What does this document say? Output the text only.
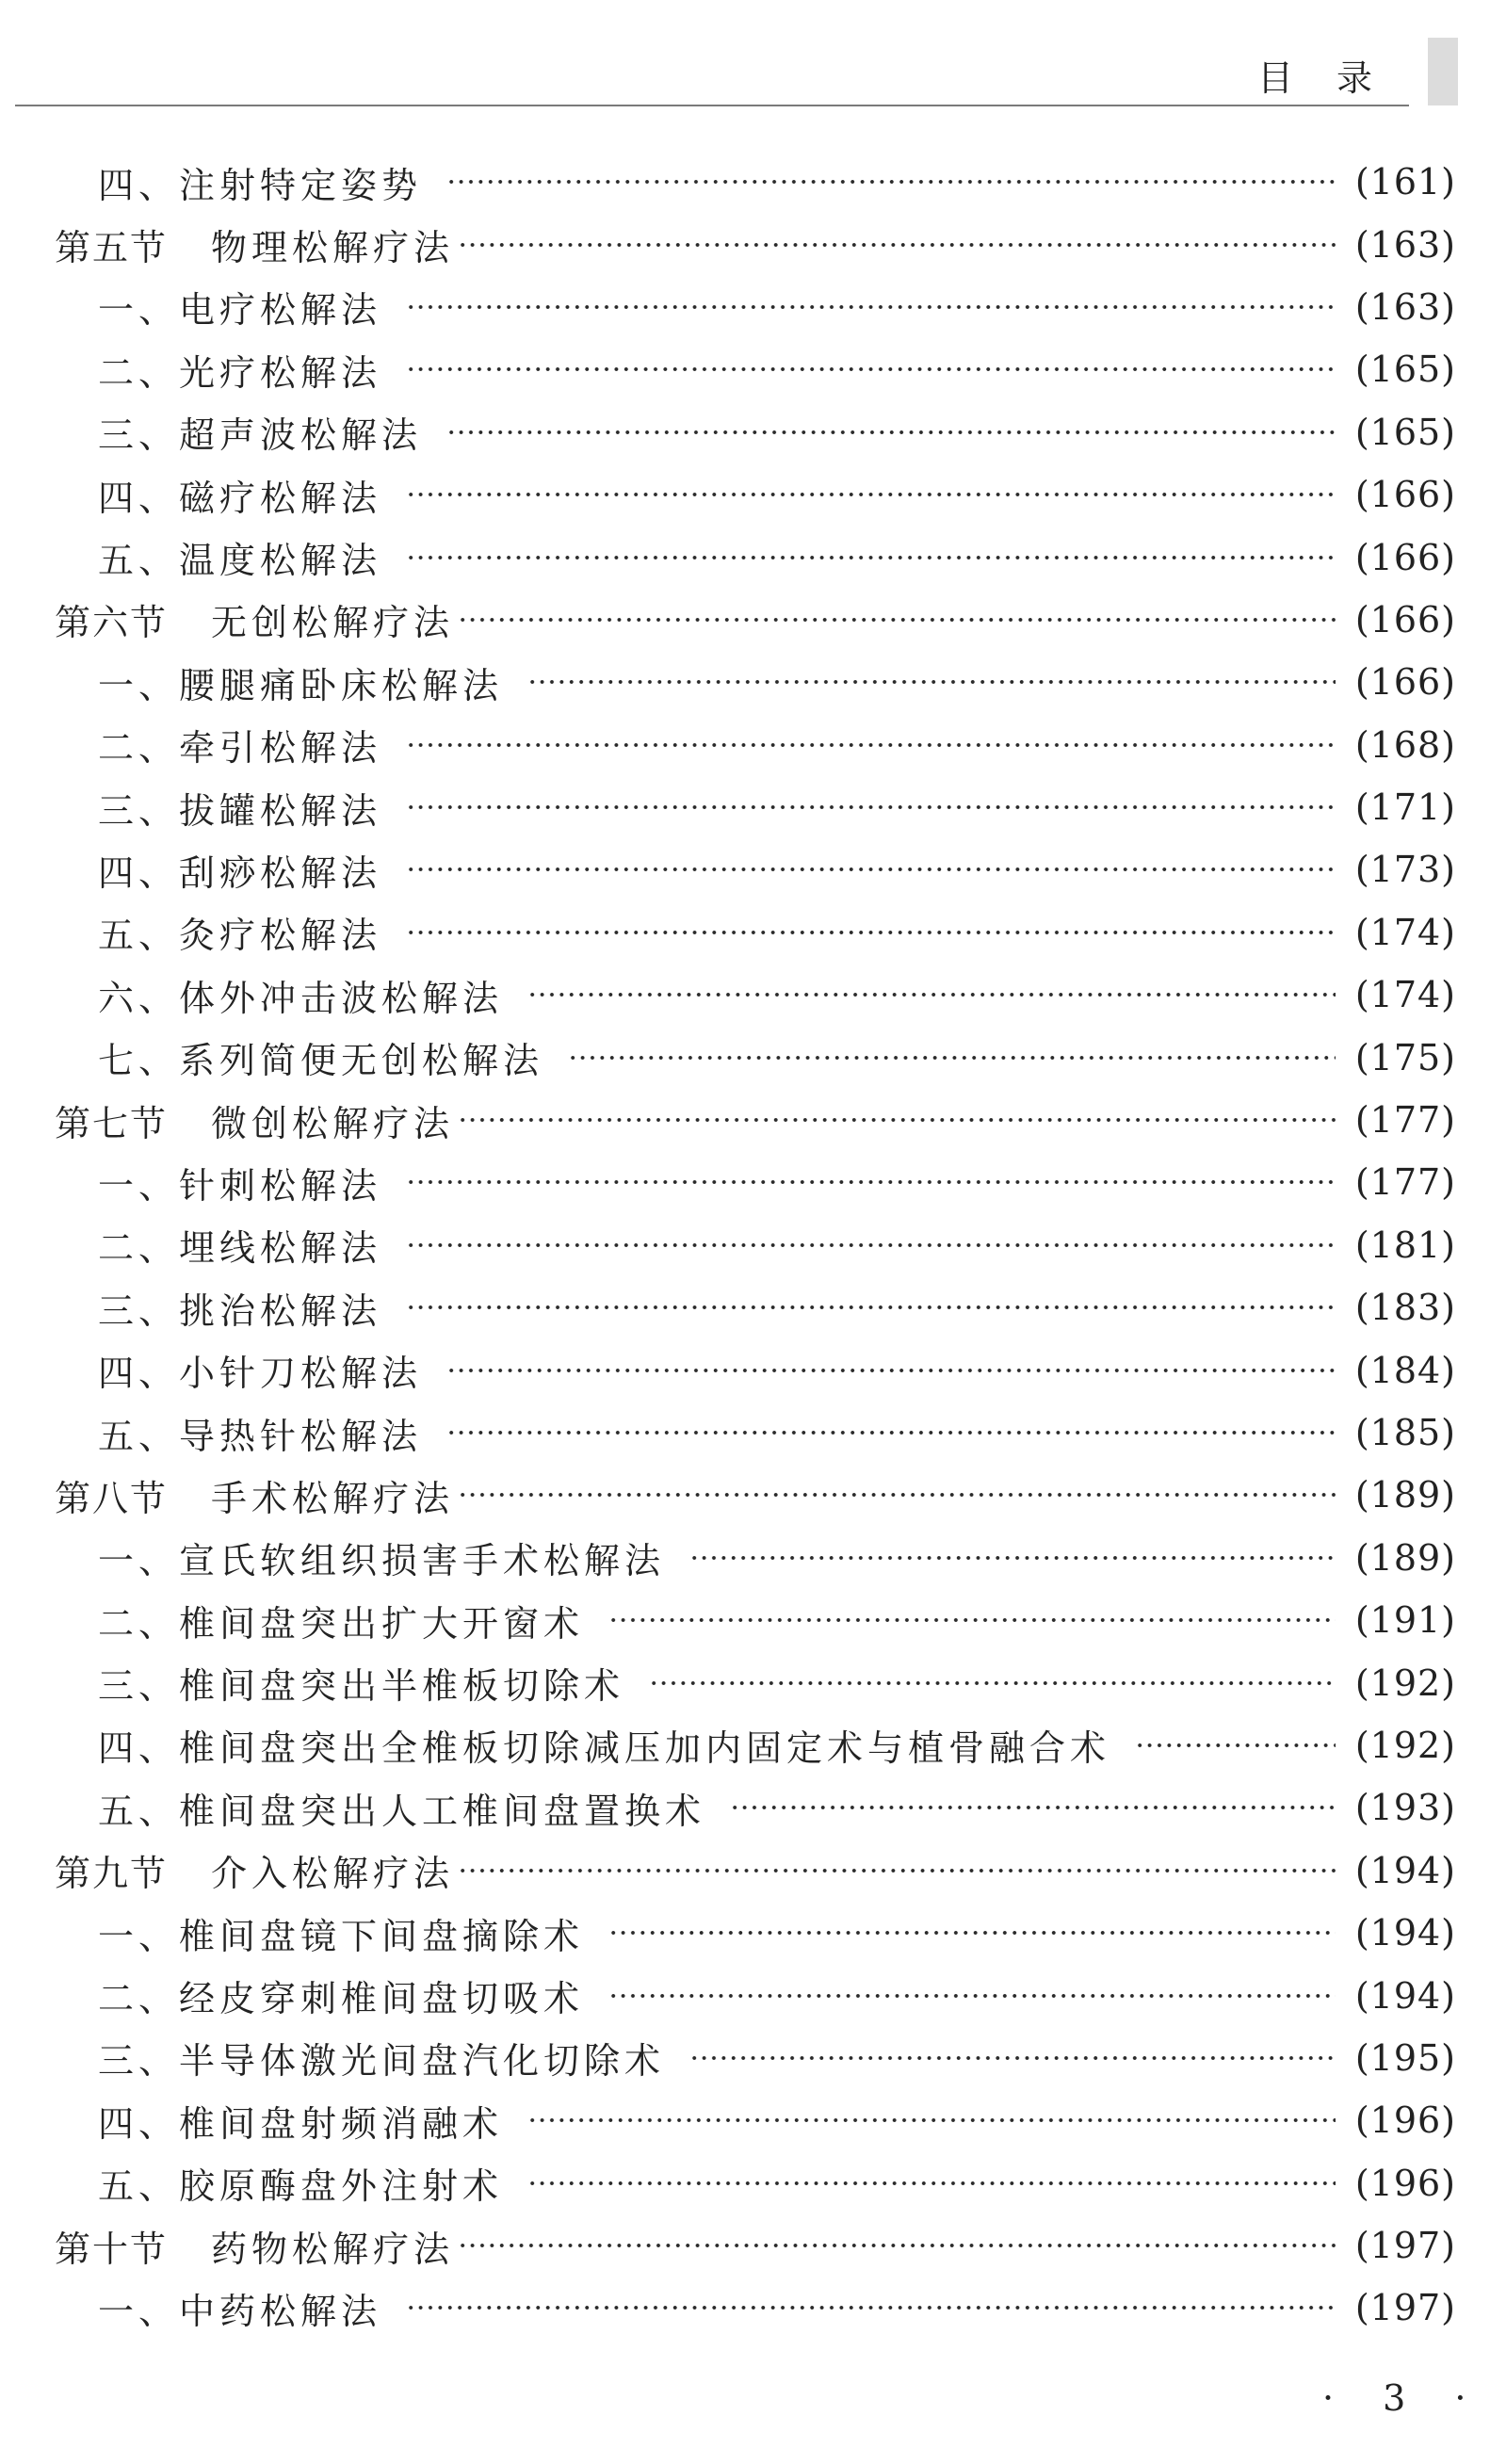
目录
四、注射特定姿势	(161)
第五节 物理松解疗法	(163)
一、电疗松解法	(163)
二、光疗松解法	(165)
三、超声波松解法	(165)
四、磁疗松解法	(166)
五、温度松解法	(166)
第六节 无创松解疗法	(166)
一、腰腿痛卧床松解法	(166)
二、牵引松解法	(168)
三、拔罐松解法	(171)
四、刮痧松解法	(173)
五、灸疗松解法	(174)
六、体外冲击波松解法	(174)
七、系列简便无创松解法	(175)
第七节 微创松解疗法	(177)
一、针刺松解法	(177)
二、埋线松解法	(181)
三、挑治松解法	(183)
四、小针刀松解法	(184)
五、导热针松解法	(185)
第八节 手术松解疗法	(189)
一、宣氏软组织损害手术松解法	(189)
二、椎间盘突出扩大开窗术	(191)
三、椎间盘突出半椎板切除术	(192)
四、椎间盘突出全椎板切除减压加内固定术与植骨融合术	(192)
五、椎间盘突出人工椎间盘置换术	(193)
第九节 介入松解疗法	(194)
一、椎间盘镜下间盘摘除术	(194)
二、经皮穿刺椎间盘切吸术	(194)
三、半导体激光间盘汽化切除术	(195)
四、椎间盘射频消融术	(196)
五、胶原酶盘外注射术	(196)
第十节 药物松解疗法	(197)
一、中药松解法	(197)
· 3 ·
